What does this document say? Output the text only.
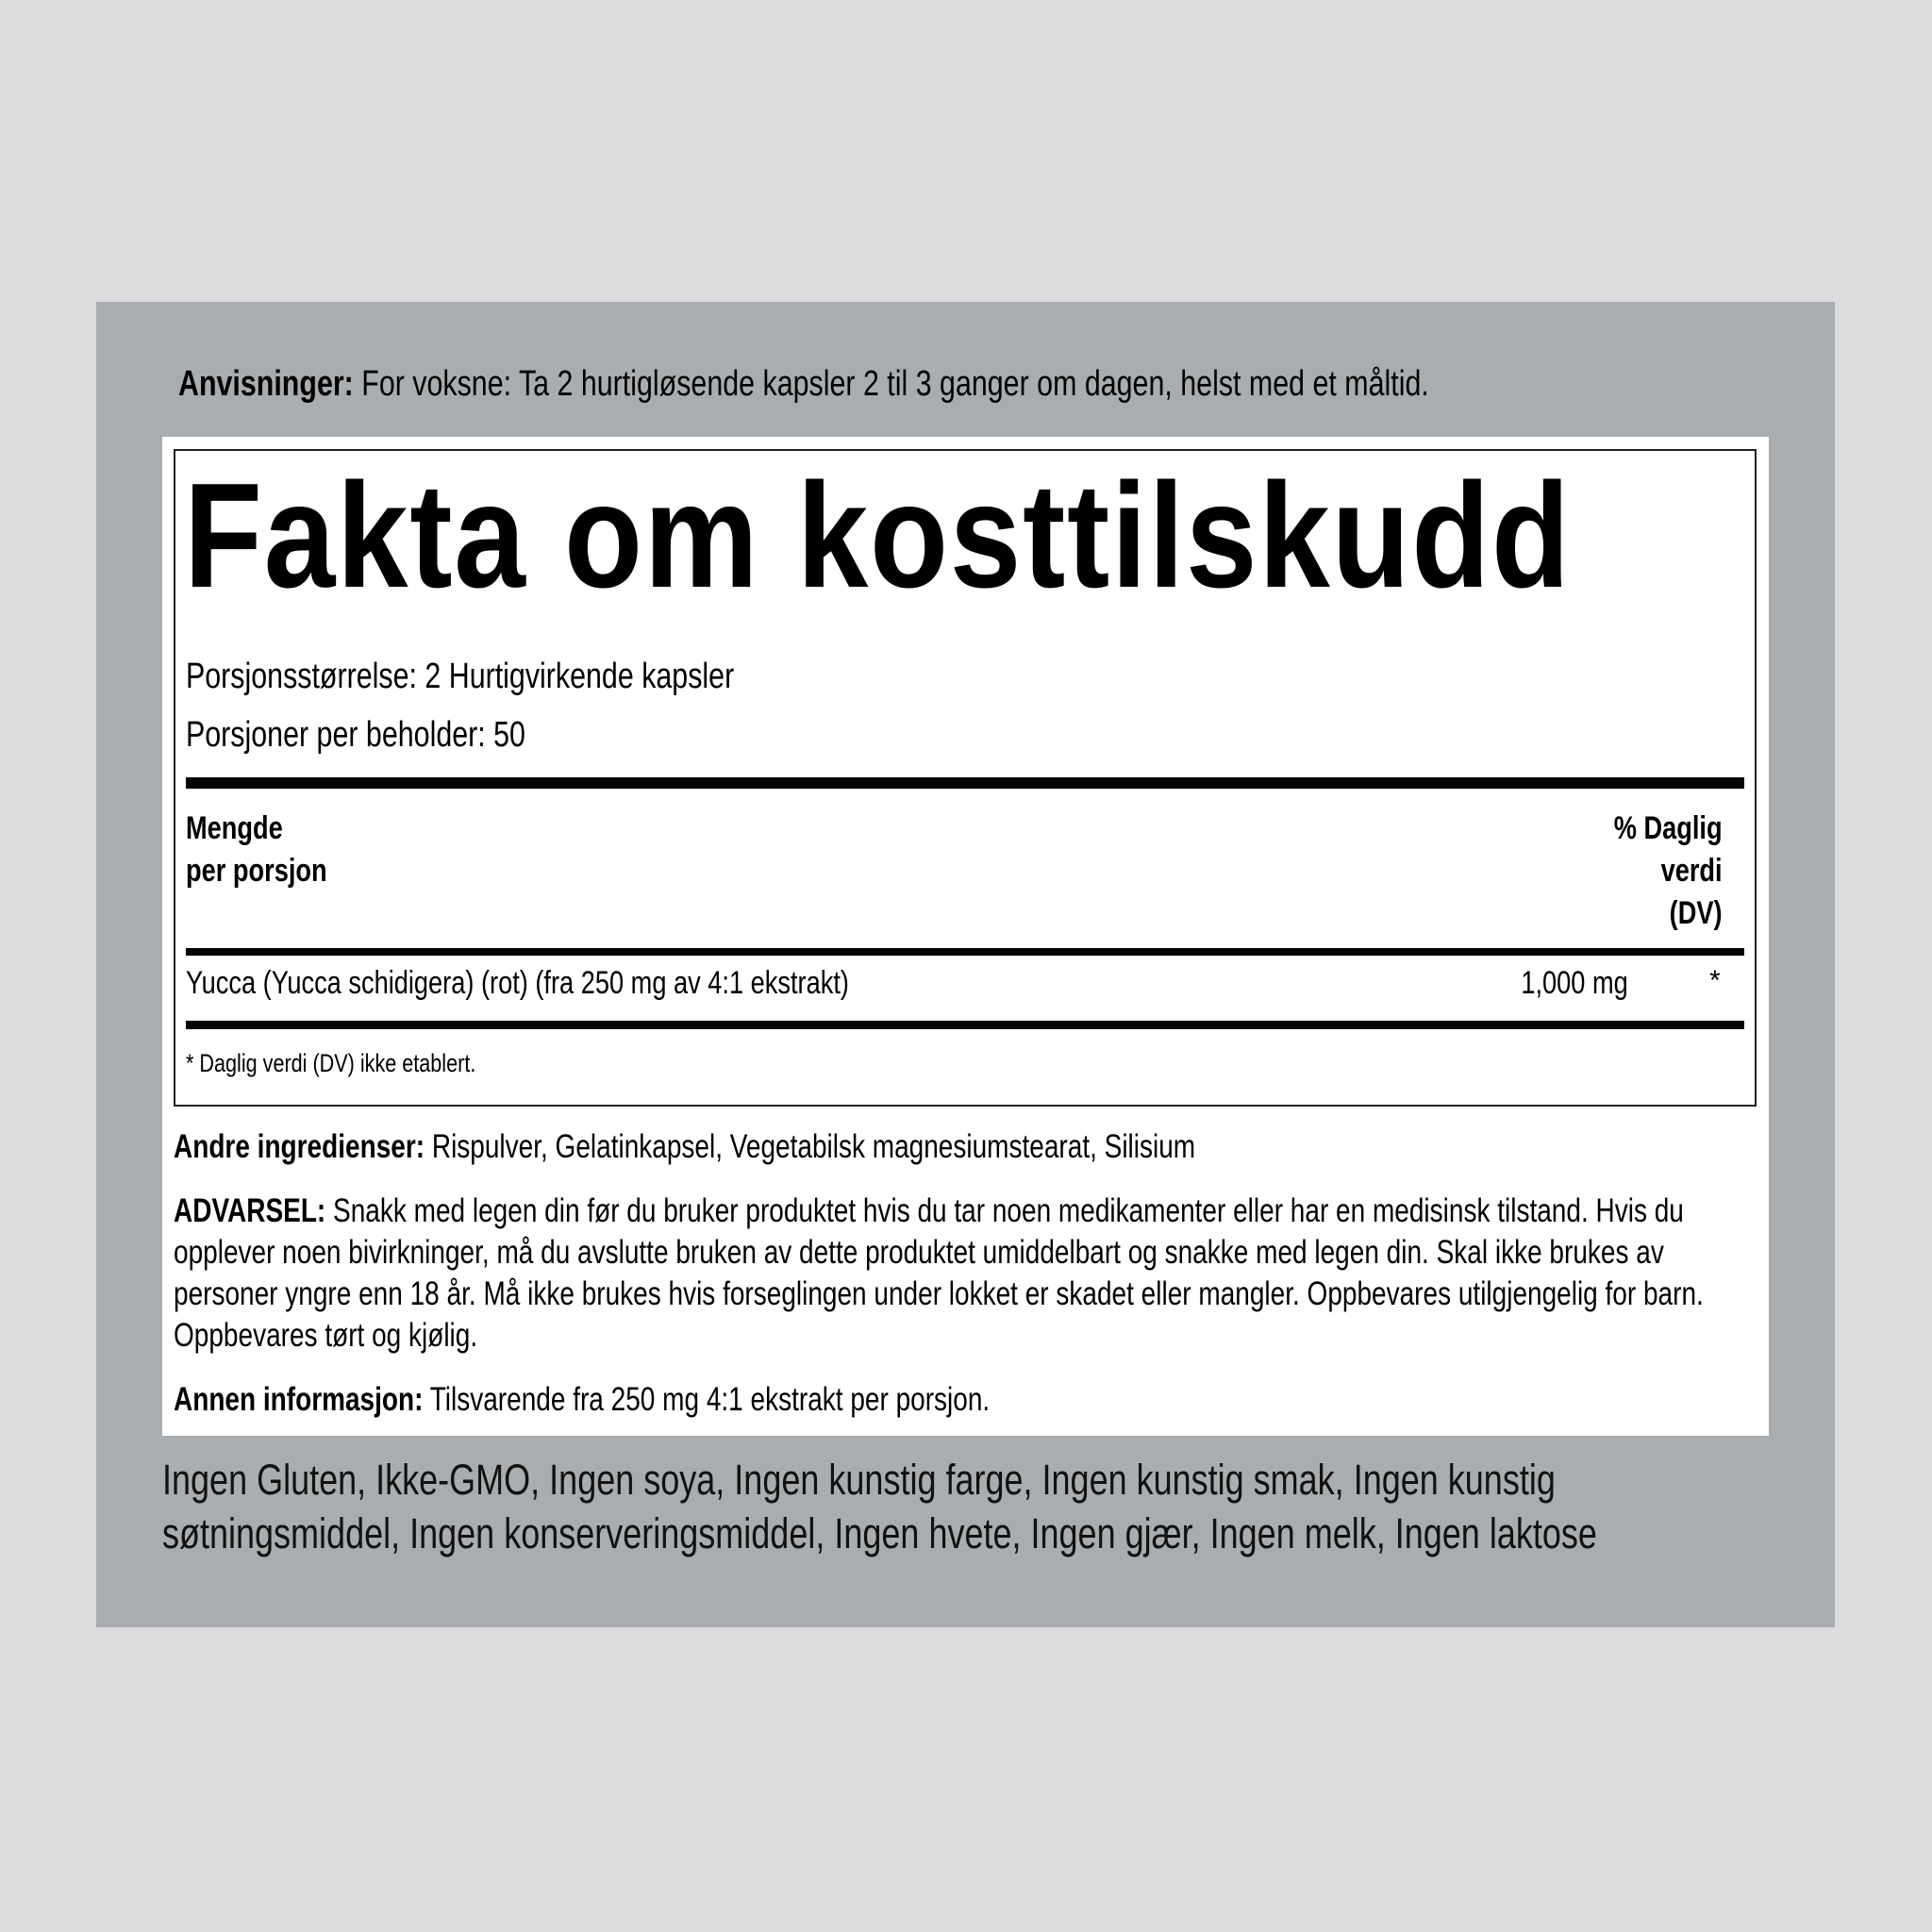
Anvisninger: For voksne: Ta 2 hurtigløsende kapsler 2 til 3 ganger om dagen, helst med et måltid.
Fakta om kosttilskudd
Porsjonsstørrelse: 2 Hurtigvirkende kapsler
Porsjoner per beholder: 50
Mengde
per porsjon
% Daglig
verdi
(DV)
Yucca (Yucca schidigera) (rot) (fra 250 mg av 4:1 ekstrakt)	1,000 mg	*
* Daglig verdi (DV) ikke etablert.
Andre ingredienser: Rispulver, Gelatinkapsel, Vegetabilsk magnesiumstearat, Silisium
ADVARSEL: Snakk med legen din før du bruker produktet hvis du tar noen medikamenter eller har en medisinsk tilstand. Hvis du opplever noen bivirkninger, må du avslutte bruken av dette produktet umiddelbart og snakke med legen din. Skal ikke brukes av personer yngre enn 18 år. Må ikke brukes hvis forseglingen under lokket er skadet eller mangler. Oppbevares utilgjengelig for barn. Oppbevares tørt og kjølig.
Annen informasjon: Tilsvarende fra 250 mg 4:1 ekstrakt per porsjon.
Ingen Gluten, Ikke-GMO, Ingen soya, Ingen kunstig farge, Ingen kunstig smak, Ingen kunstig søtningsmiddel, Ingen konserveringsmiddel, Ingen hvete, Ingen gjær, Ingen melk, Ingen laktose
